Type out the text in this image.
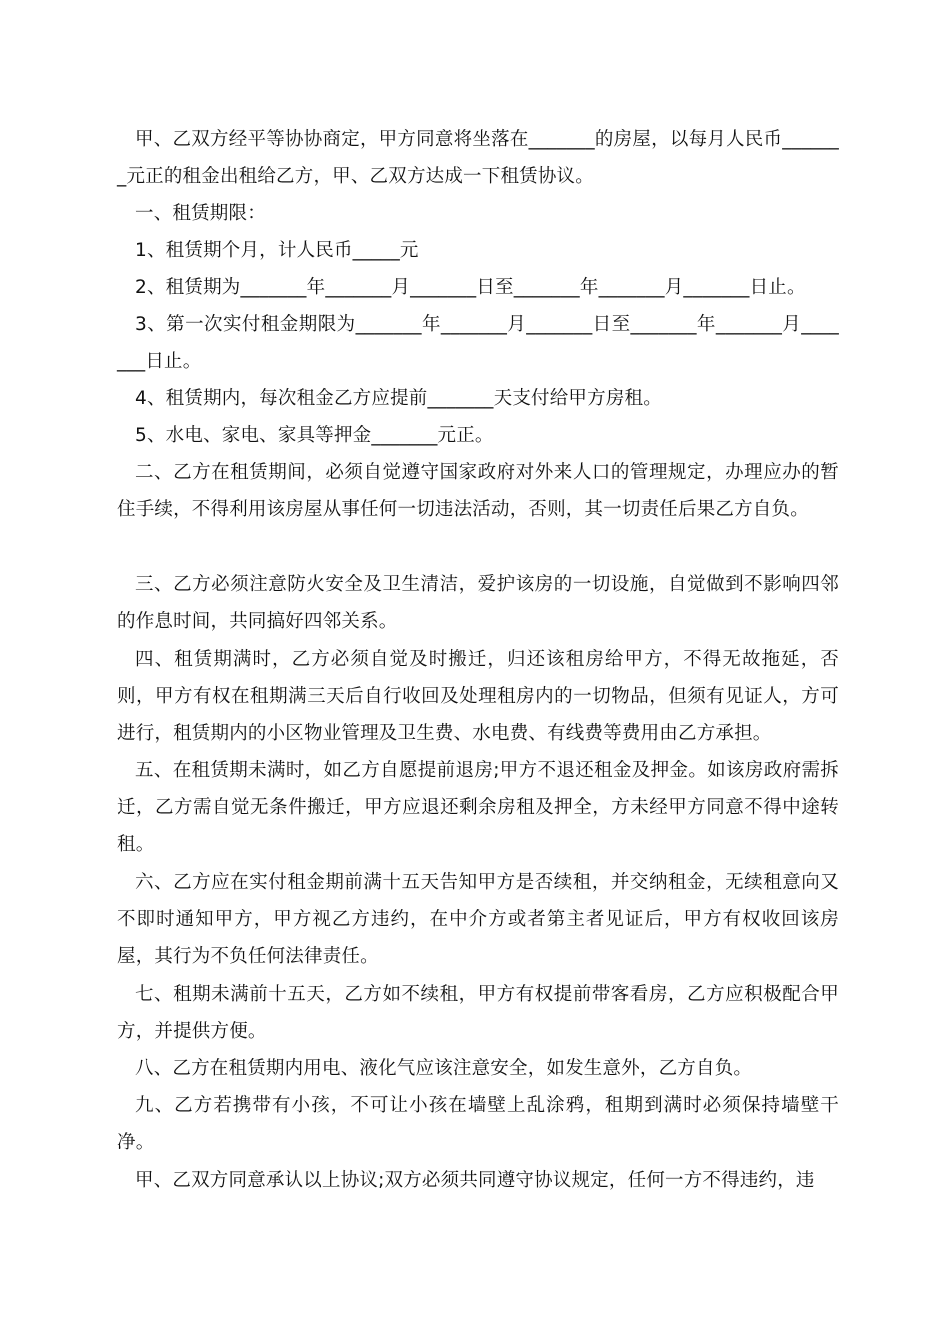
甲、乙双方经平等协协商定，甲方同意将坐落在_______的房屋，以每月人民币_______元正的租金出租给乙方，甲、乙双方达成一下租赁协议。

一、租赁期限：

1、租赁期个月，计人民币_____元

2、租赁期为_______年_______月_______日至_______年_______月_______日止。

3、第一次实付租金期限为_______年_______月_______日至_______年_______月_______日止。

4、租赁期内，每次租金乙方应提前_______天支付给甲方房租。

5、水电、家电、家具等押金_______元正。

二、乙方在租赁期间，必须自觉遵守国家政府对外来人口的管理规定，办理应办的暂住手续，不得利用该房屋从事任何一切违法活动，否则，其一切责任后果乙方自负。

三、乙方必须注意防火安全及卫生清洁，爱护该房的一切设施，自觉做到不影响四邻的作息时间，共同搞好四邻关系。

四、租赁期满时，乙方必须自觉及时搬迁，归还该租房给甲方，不得无故拖延，否则，甲方有权在租期满三天后自行收回及处理租房内的一切物品，但须有见证人，方可进行，租赁期内的小区物业管理及卫生费、水电费、有线费等费用由乙方承担。

五、在租赁期未满时，如乙方自愿提前退房;甲方不退还租金及押金。如该房政府需拆迁，乙方需自觉无条件搬迁，甲方应退还剩余房租及押全，方未经甲方同意不得中途转租。

六、乙方应在实付租金期前满十五天告知甲方是否续租，并交纳租金，无续租意向又不即时通知甲方，甲方视乙方违约，在中介方或者第主者见证后，甲方有权收回该房屋，其行为不负任何法律责任。

七、租期未满前十五天，乙方如不续租，甲方有权提前带客看房，乙方应积极配合甲方，并提供方便。

八、乙方在租赁期内用电、液化气应该注意安全，如发生意外，乙方自负。

九、乙方若携带有小孩，不可让小孩在墙壁上乱涂鸦，租期到满时必须保持墙壁干净。

甲、乙双方同意承认以上协议;双方必须共同遵守协议规定，任何一方不得违约，违
